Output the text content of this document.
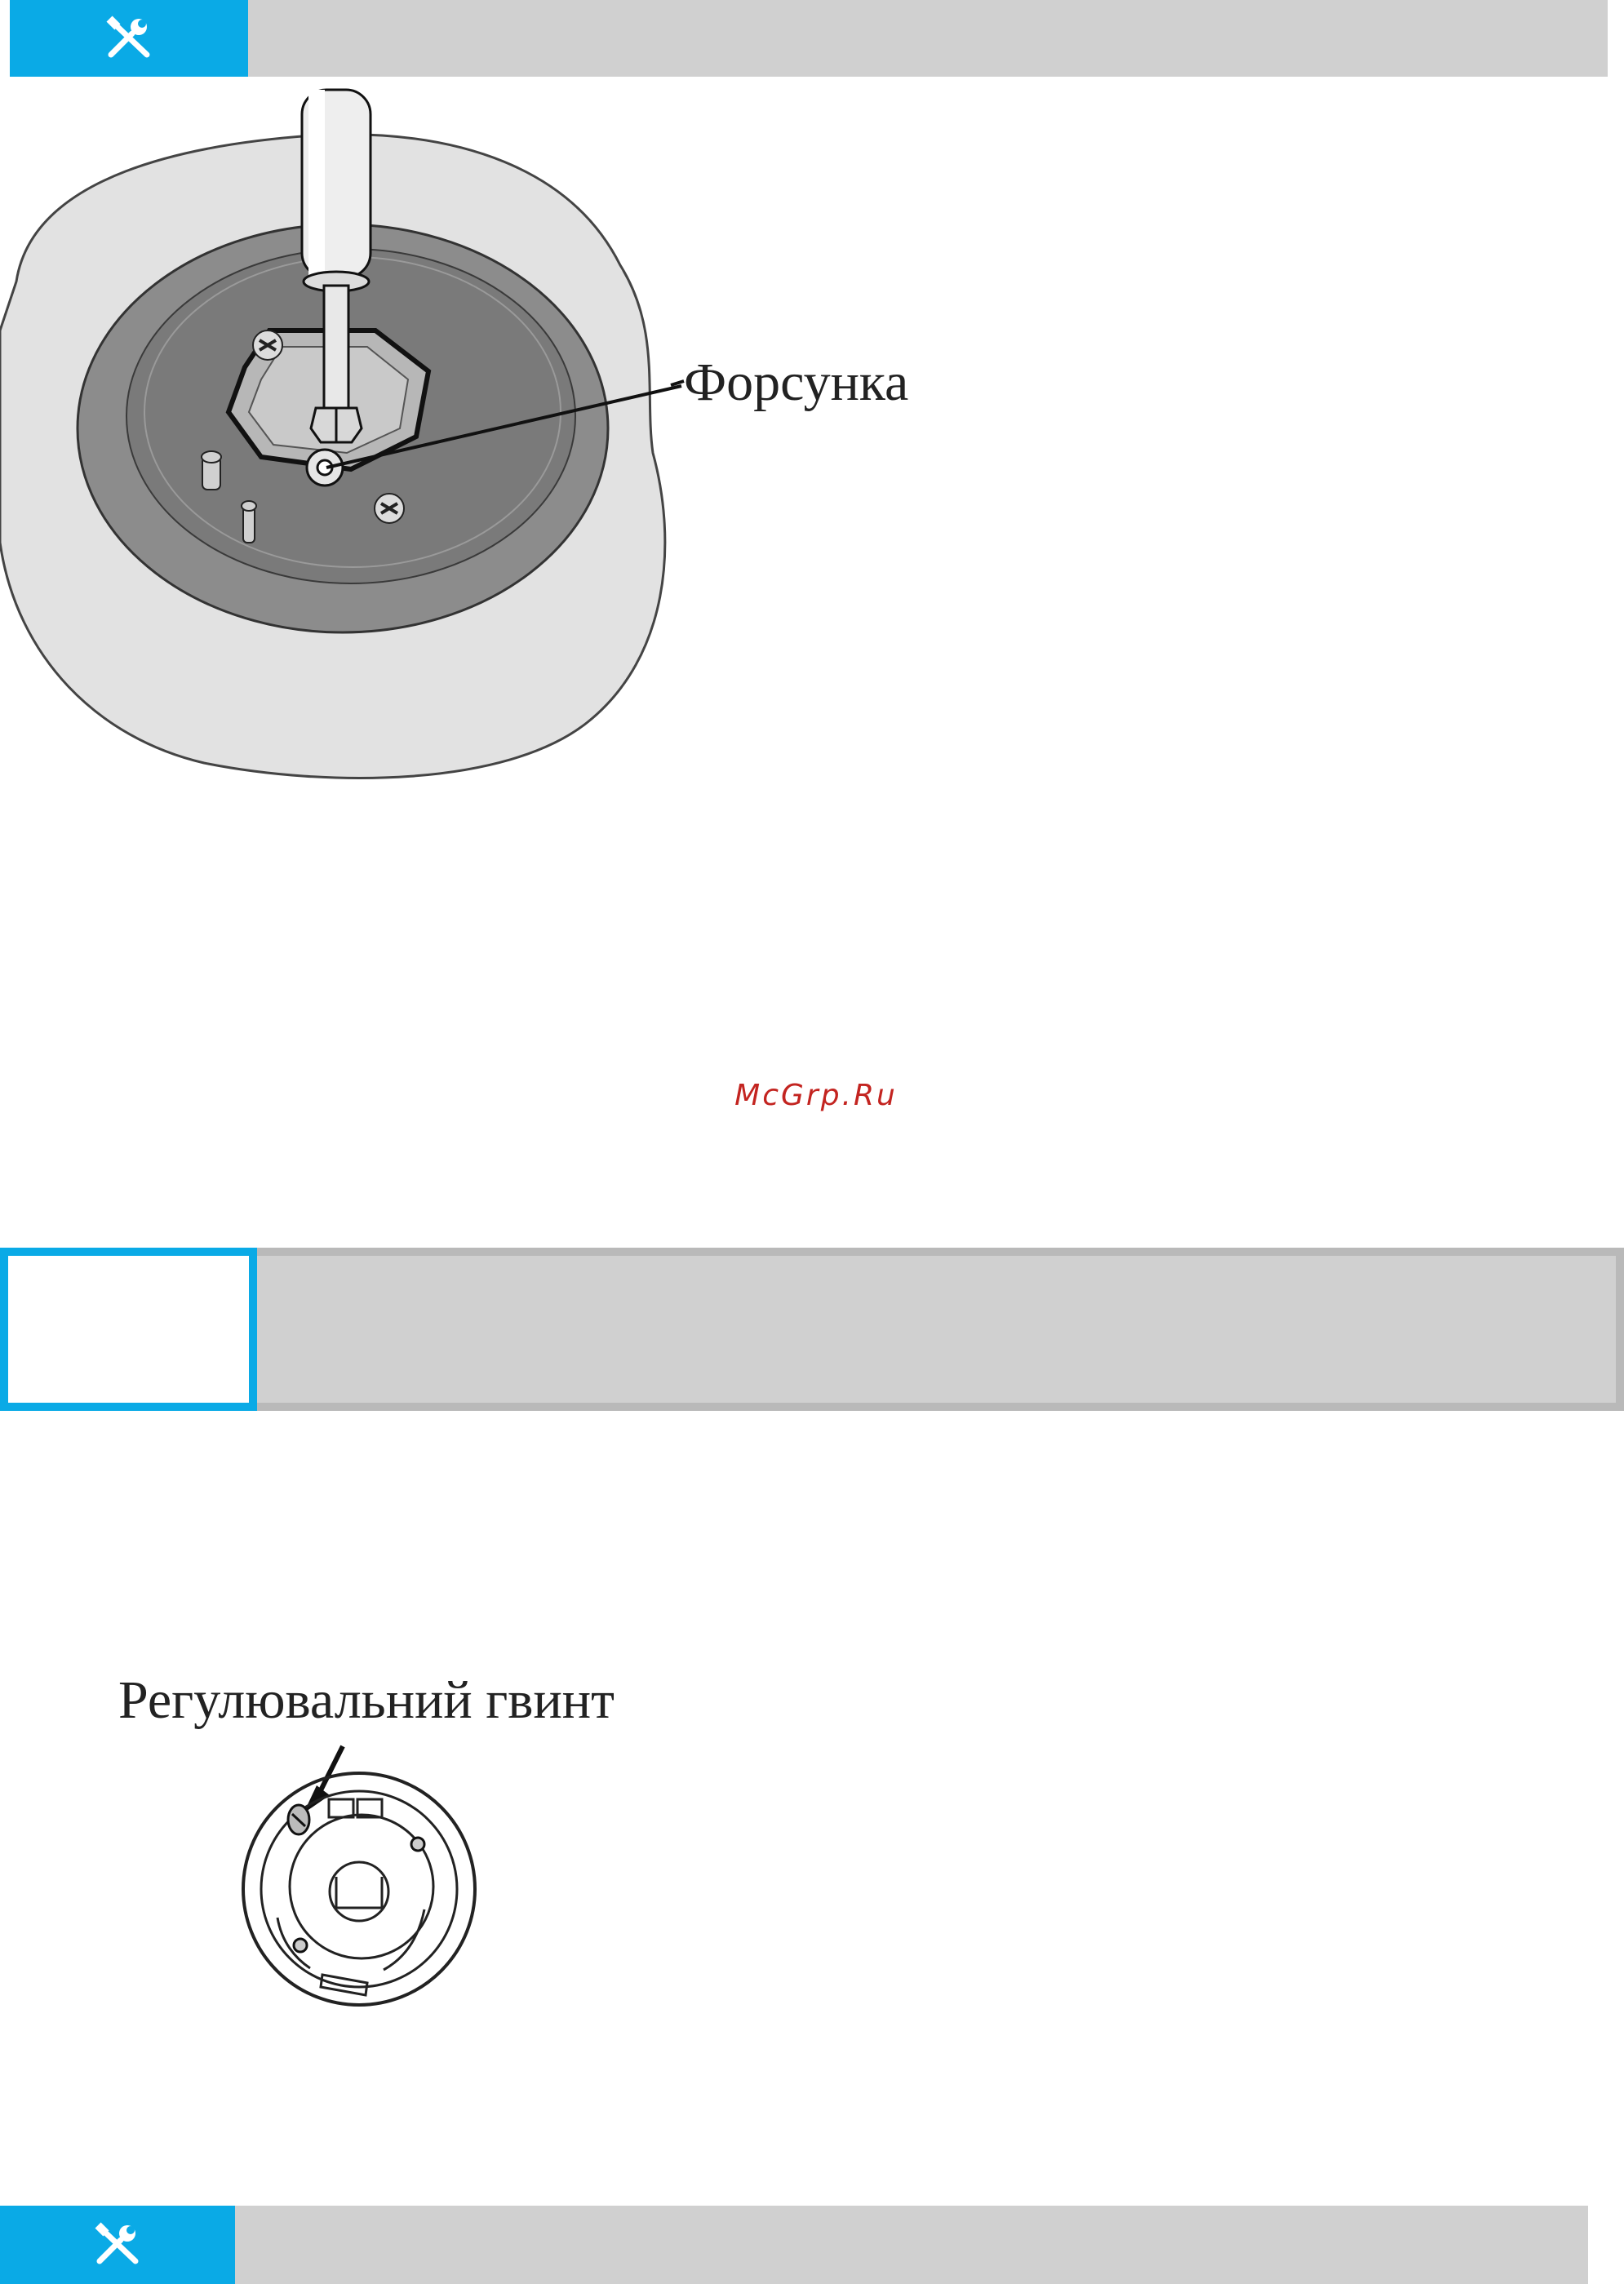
Форсунка
McGrp.Ru
Регулювальний гвинт
